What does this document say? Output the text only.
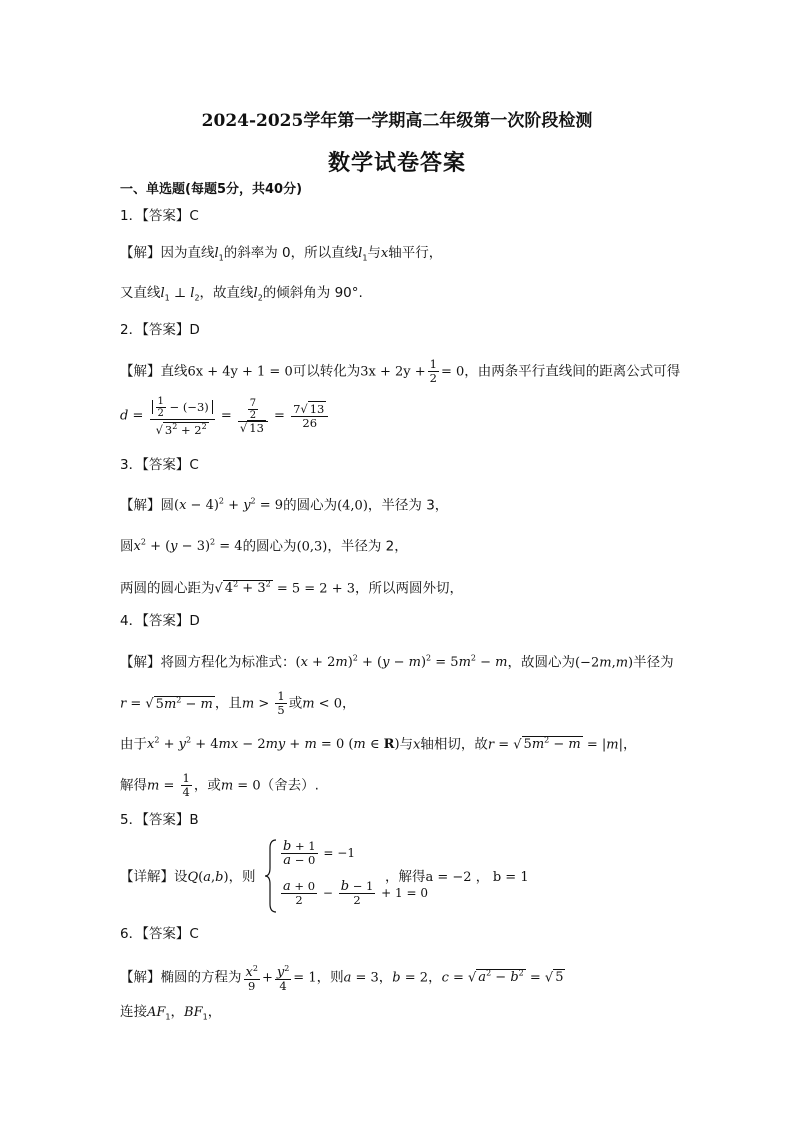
2024-2025学年第一学期高二年级第一次阶段检测
数学试卷答案
一、单选题(每题5分，共40分)
1．【答案】C
【解】因为直线$l_1$的斜率为 0，所以直线$l_1$与x轴平行，
又直线$l_1$ ⊥ $l_2$，故直线$l_2$的倾斜角为 90°.
2．【答案】D
【解】直线6x + 4y + 1 = 0可以转化为$3x + 2y + \frac{1}{2} = 0$，由两条平行直线间的距离公式可得
$d = \frac{\frac{1}{2} - (-3)}{√ 3^2 + 2^2} = \frac{\frac{7}{2}}{√ 13} = \frac{7√ 13}{26}$
3．【答案】C
【解】圆$(x - 4)^2 + y^2 = 9$的圆心为(4,0)，半径为 3，
圆$x^2 + (y - 3)^2 = 4$的圆心为(0,3)，半径为 2，
两圆的圆心距为√ $4^2 + 3^2 = 5 = 2 + 3$，所以两圆外切，
4．【答案】D
【解】将圆方程化为标准式：$(x + 2m)^2 + (y - m)^2 = 5m^2 - m$，故圆心为(−2m,m)半径为
r = √ $5m^2 - m$ ，且$m > \frac{1}{5}$ 或m < 0，
由于$x^2 + y^2 + 4mx - 2my + m = 0$ (m ∈ R)与x轴相切，故r = √ $5m^2 - m = |m|$，
解得$m = \frac{1}{4}$ ，或m = 0（舍去）.
5．【答案】B
【详解】设Q(a,b)，则
$\frac{b + 1}{a - 0} = -1$
$\frac{a + 0}{2} - \frac{b - 1}{2} + 1 = 0$
，解得a = −2 ， b = 1
6．【答案】C
【解】椭圆的方程为 $\frac{x^2}{9} + \frac{y^2}{4} = 1$，则a = 3，b = 2，c = √ $a^2 - b^2$ = √ 5
连接$AF_1$，$BF_1$，
